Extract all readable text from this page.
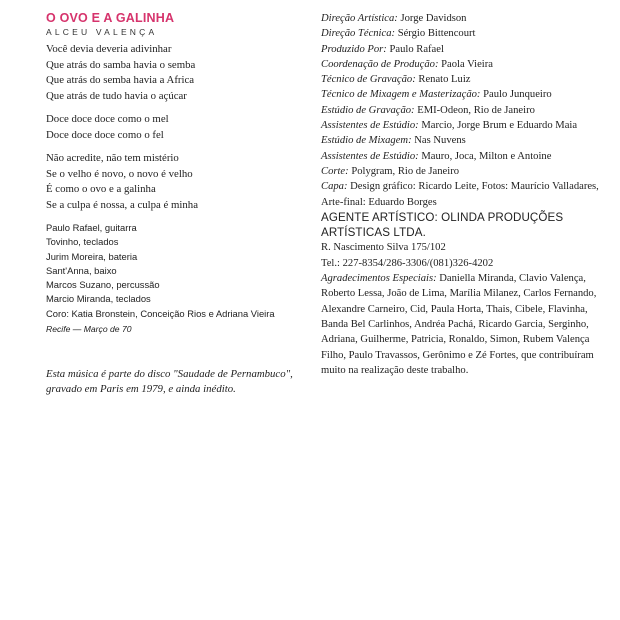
O OVO E A GALINHA

ALCEU VALENÇA

Você devia deveria adivinhar
Que atrás do samba havia o semba
Que atrás do semba havia a Africa
Que atrás de tudo havia o açúcar
Doce doce doce como o mel
Doce doce doce como o fel
Não acredite, não tem mistério
Se o velho é novo, o novo é velho
É como o ovo e a galinha
Se a culpa é nossa, a culpa é minha
Paulo Rafael, guitarra
Tovinho, teclados
Jurim Moreira, bateria
Sant'Anna, baixo
Marcos Suzano, percussão
Marcio Miranda, teclados
Coro: Katia Bronstein, Conceição Rios e Adriana Vieira
Recife — Março de 70
Esta música é parte do disco "Saudade de Pernambuco", gravado em Paris em 1979, e ainda inédito.
Direção Artística: Jorge Davidson
Direção Técnica: Sérgio Bittencourt
Produzido Por: Paulo Rafael
Coordenação de Produção: Paola Vieira
Técnico de Gravação: Renato Luiz
Técnico de Mixagem e Masterização: Paulo Junqueiro
Estúdio de Gravação: EMI-Odeon, Rio de Janeiro
Assistentes de Estúdio: Marcio, Jorge Brum e Eduardo Maia
Estúdio de Mixagem: Nas Nuvens
Assistentes de Estúdio: Mauro, Joca, Milton e Antoine
Corte: Polygram, Rio de Janeiro
Capa: Design gráfico: Ricardo Leite, Fotos: Maurício Valladares, Arte-final: Eduardo Borges
AGENTE ARTÍSTICO: OLINDA PRODUÇÕES ARTÍSTICAS LTDA.
R. Nascimento Silva 175/102
Tel.: 227-8354/286-3306/(081)326-4202
Agradecimentos Especiais: Daniella Miranda, Clavio Valença, Roberto Lessa, João de Lima, Marília Milanez, Carlos Fernando, Alexandre Carneiro, Cid, Paula Horta, Thais, Cibele, Flavinha, Banda Bel Carlinhos, Andréa Pachá, Ricardo Garcia, Serginho, Adriana, Guilherme, Patricia, Ronaldo, Simon, Rubem Valença Filho, Paulo Travassos, Gerônimo e Zé Fortes, que contribuíram muito na realização deste trabalho.
